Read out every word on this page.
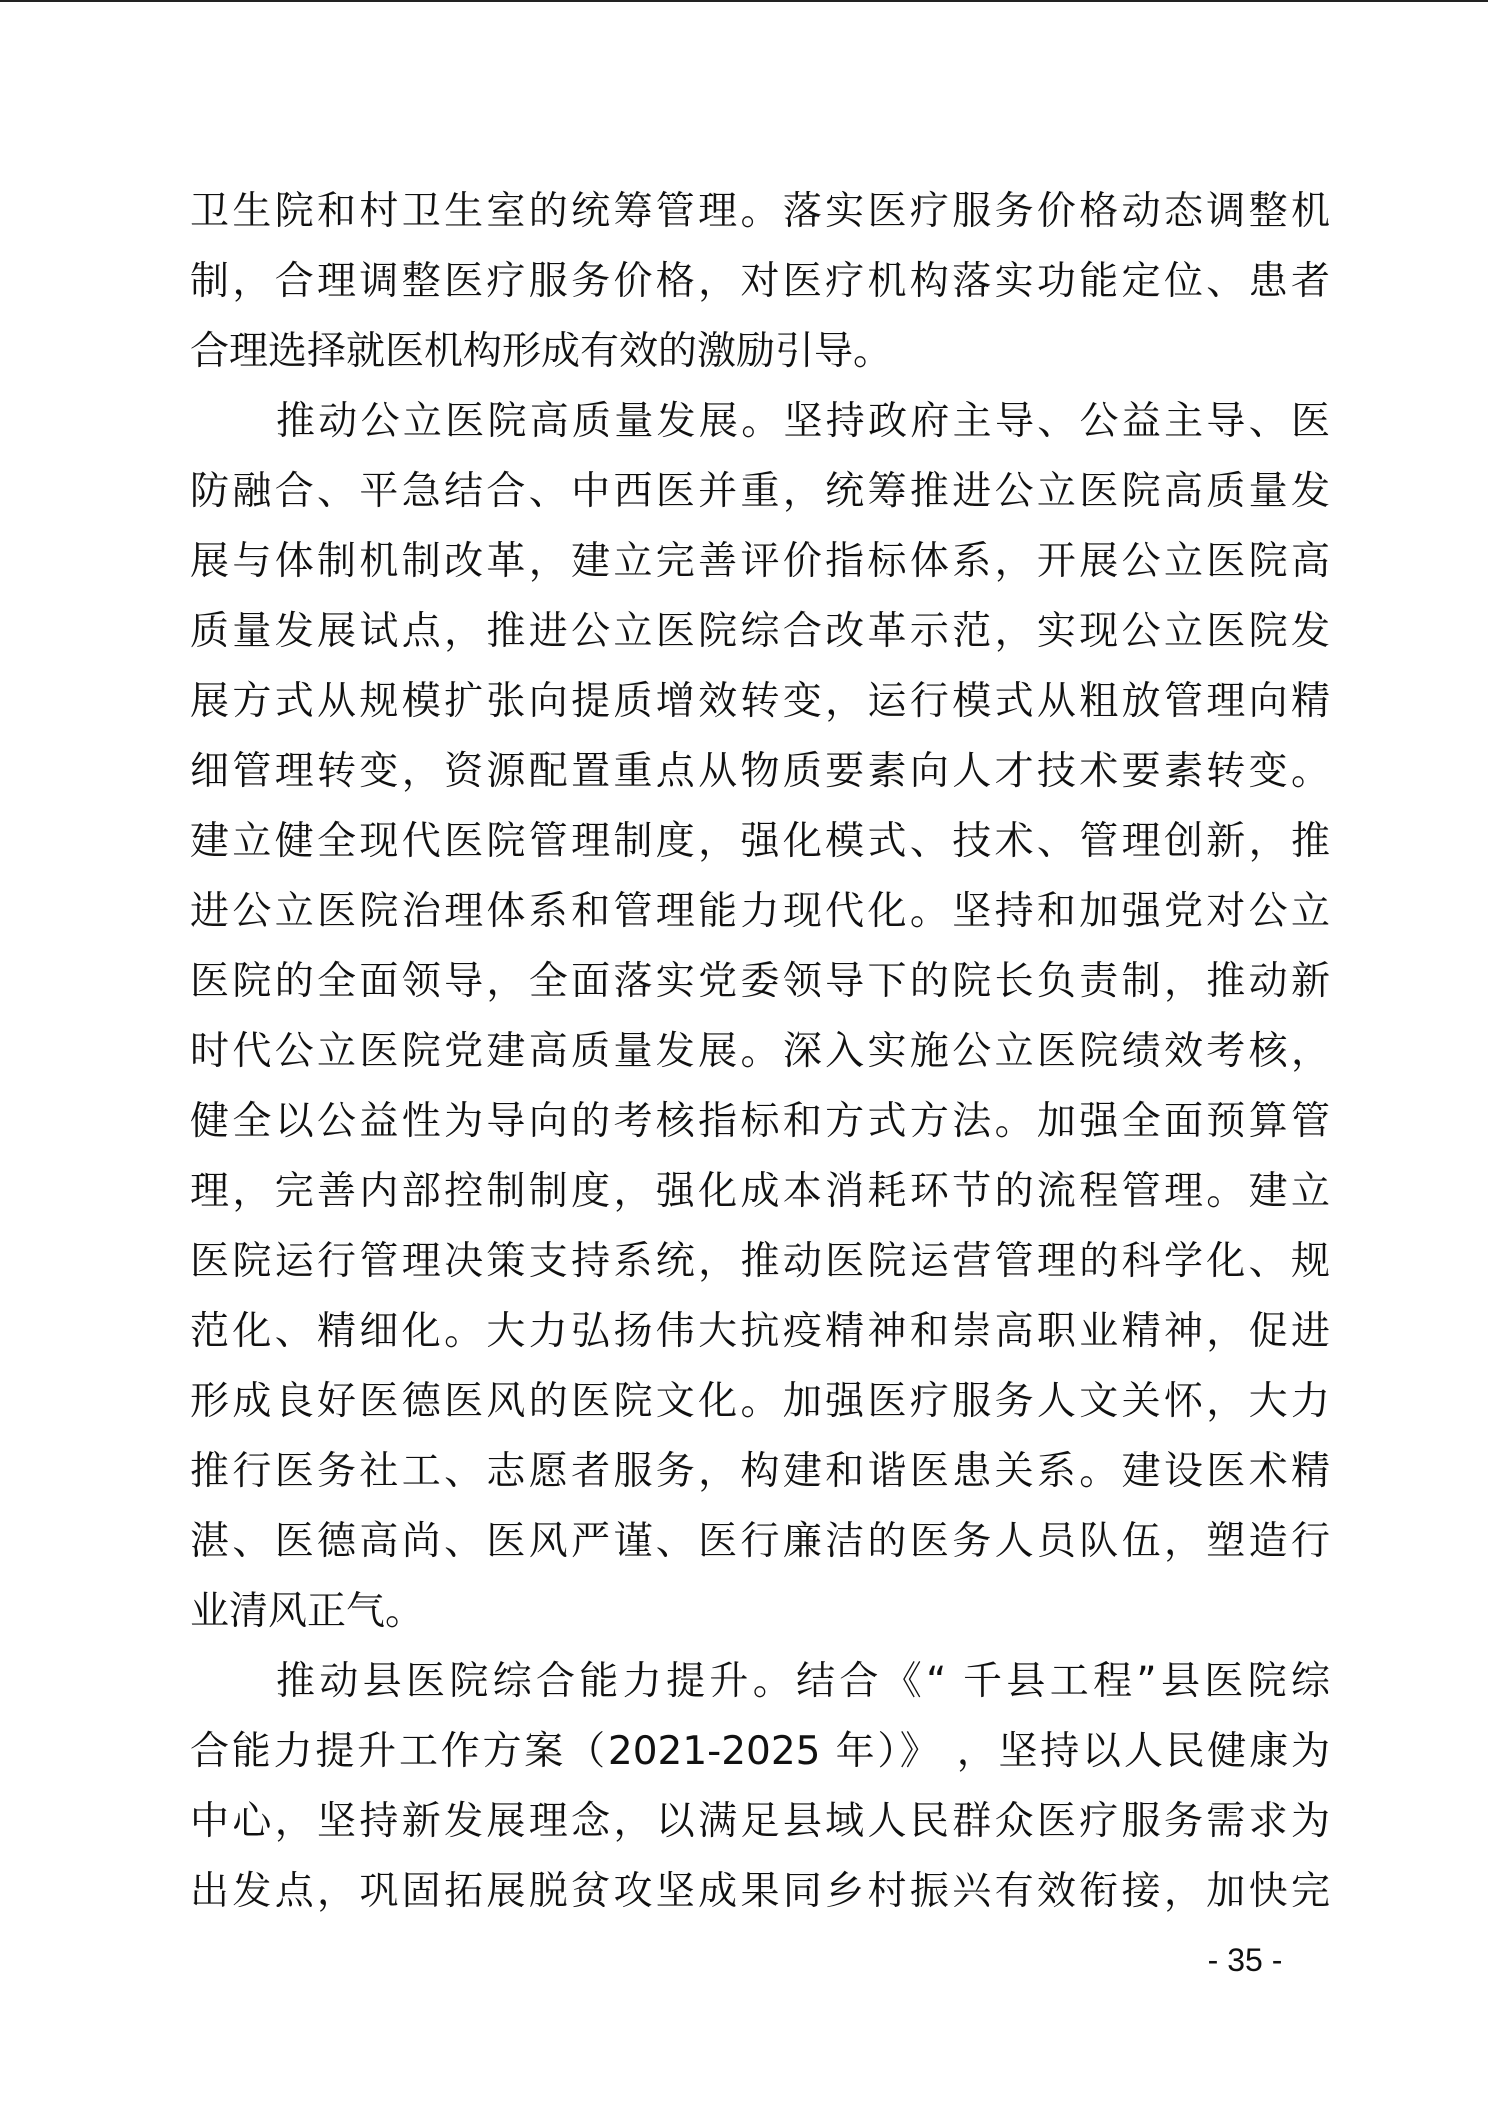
卫生院和村卫生室的统筹管理。落实医疗服务价格动态调整机
制，合理调整医疗服务价格，对医疗机构落实功能定位、患者
合理选择就医机构形成有效的激励引导。
推动公立医院高质量发展。坚持政府主导、公益主导、医
防融合、平急结合、中西医并重，统筹推进公立医院高质量发
展与体制机制改革，建立完善评价指标体系，开展公立医院高
质量发展试点，推进公立医院综合改革示范，实现公立医院发
展方式从规模扩张向提质增效转变，运行模式从粗放管理向精
细管理转变，资源配置重点从物质要素向人才技术要素转变。
建立健全现代医院管理制度，强化模式、技术、管理创新，推
进公立医院治理体系和管理能力现代化。坚持和加强党对公立
医院的全面领导，全面落实党委领导下的院长负责制，推动新
时代公立医院党建高质量发展。深入实施公立医院绩效考核，
健全以公益性为导向的考核指标和方式方法。加强全面预算管
理，完善内部控制制度，强化成本消耗环节的流程管理。建立
医院运行管理决策支持系统，推动医院运营管理的科学化、规
范化、精细化。大力弘扬伟大抗疫精神和崇高职业精神，促进
形成良好医德医风的医院文化。加强医疗服务人文关怀，大力
推行医务社工、志愿者服务，构建和谐医患关系。建设医术精
湛、医德高尚、医风严谨、医行廉洁的医务人员队伍，塑造行
业清风正气。
推动县医院综合能力提升。结合《“ 千县工程”县医院综
合能力提升工作方案（2021-2025 年）》 ，坚持以人民健康为
中心，坚持新发展理念，以满足县域人民群众医疗服务需求为
出发点，巩固拓展脱贫攻坚成果同乡村振兴有效衔接，加快完
- 35 -
